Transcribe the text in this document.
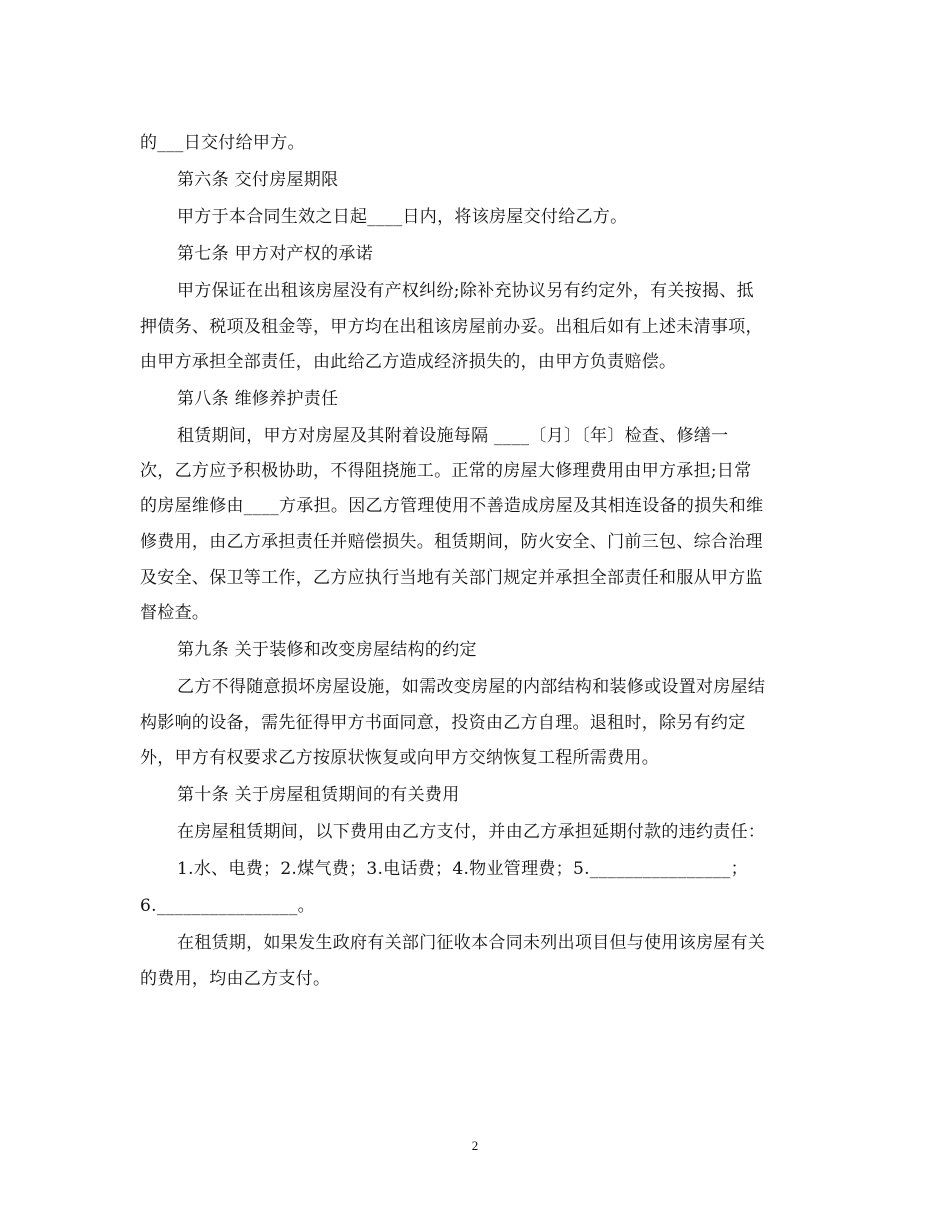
的___日交付给甲方。
第六条 交付房屋期限
甲方于本合同生效之日起____日内，将该房屋交付给乙方。
第七条 甲方对产权的承诺
甲方保证在出租该房屋没有产权纠纷;除补充协议另有约定外，有关按揭、抵
押债务、税项及租金等，甲方均在出租该房屋前办妥。出租后如有上述未清事项，
由甲方承担全部责任，由此给乙方造成经济损失的，由甲方负责赔偿。
第八条 维修养护责任
租赁期间，甲方对房屋及其附着设施每隔 ____〔月〕〔年〕检查、修缮一
次，乙方应予积极协助，不得阻挠施工。正常的房屋大修理费用由甲方承担;日常
的房屋维修由____方承担。因乙方管理使用不善造成房屋及其相连设备的损失和维
修费用，由乙方承担责任并赔偿损失。租赁期间，防火安全、门前三包、综合治理
及安全、保卫等工作，乙方应执行当地有关部门规定并承担全部责任和服从甲方监
督检查。
第九条 关于装修和改变房屋结构的约定
乙方不得随意损坏房屋设施，如需改变房屋的内部结构和装修或设置对房屋结
构影响的设备，需先征得甲方书面同意，投资由乙方自理。退租时，除另有约定
外，甲方有权要求乙方按原状恢复或向甲方交纳恢复工程所需费用。
第十条 关于房屋租赁期间的有关费用
在房屋租赁期间，以下费用由乙方支付，并由乙方承担延期付款的违约责任：
1.水、电费；2.煤气费；3.电话费；4.物业管理费；5.________________；
6.________________。
在租赁期，如果发生政府有关部门征收本合同未列出项目但与使用该房屋有关
的费用，均由乙方支付。
2
